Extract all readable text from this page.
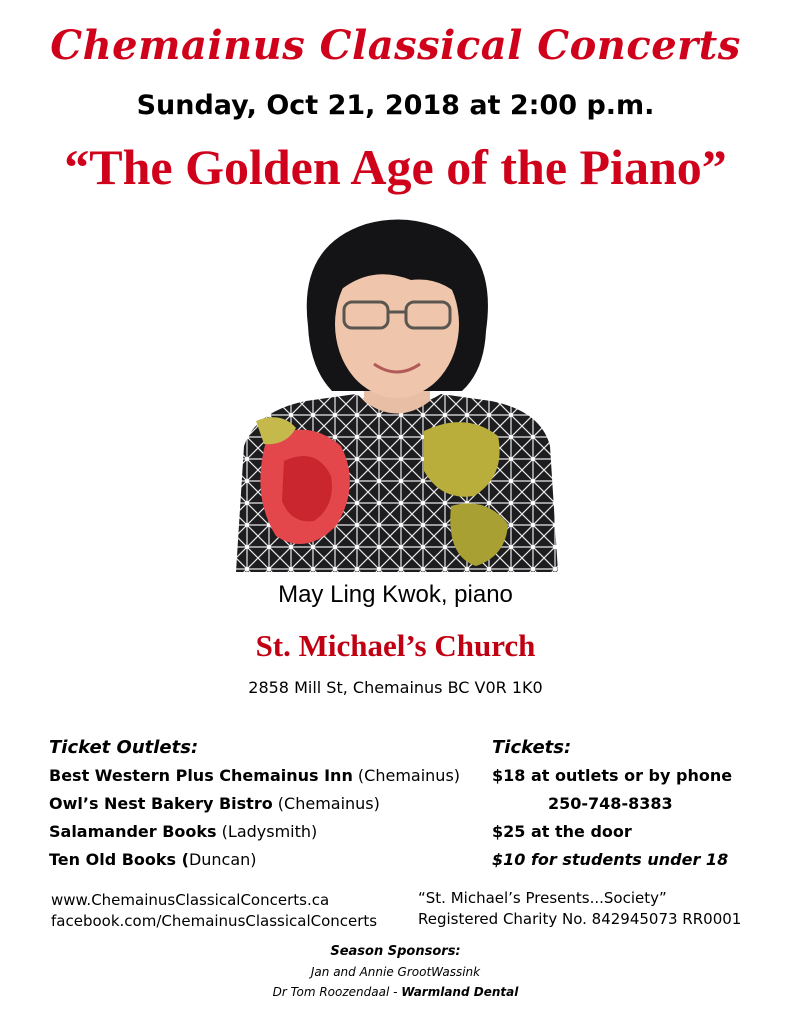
Chemainus Classical Concerts
Sunday, Oct 21, 2018 at 2:00 p.m.
“The Golden Age of the Piano”
May Ling Kwok, piano
St. Michael’s Church
2858 Mill St, Chemainus BC V0R 1K0
Ticket Outlets:
Best Western Plus Chemainus Inn (Chemainus)
Owl’s Nest Bakery Bistro (Chemainus)
Salamander Books (Ladysmith)
Ten Old Books (Duncan)
Tickets:
$18 at outlets or by phone
250-748-8383
$25 at the door
$10 for students under 18
www.ChemainusClassicalConcerts.ca
facebook.com/ChemainusClassicalConcerts
“St. Michael’s Presents...Society”
Registered Charity No. 842945073 RR0001
Season Sponsors:
Jan and Annie GrootWassink
Dr Tom Roozendaal - Warmland Dental
